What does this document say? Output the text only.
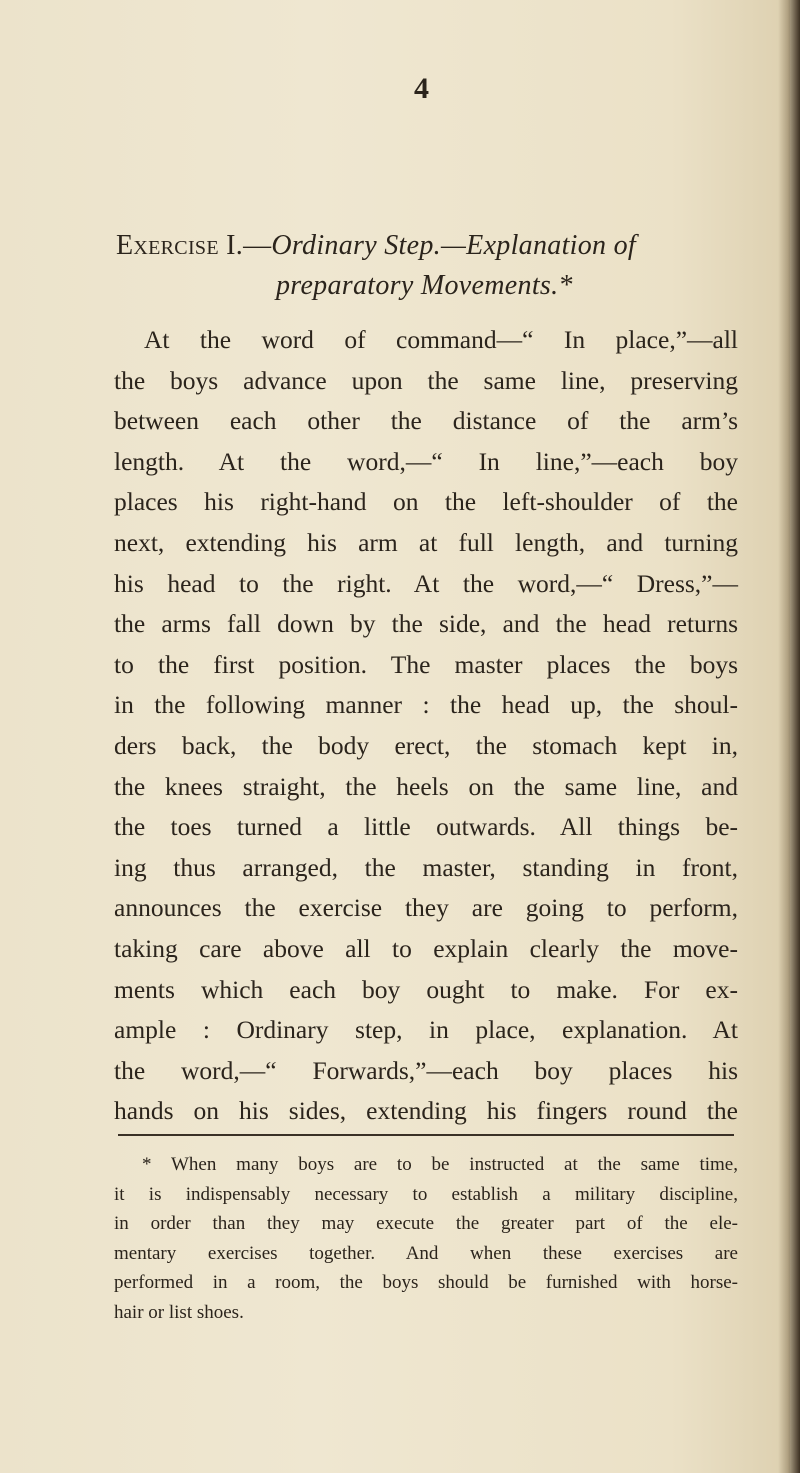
4
Exercise I.—Ordinary Step.—Explanation of
preparatory Movements.*
At the word of command—“ In place,”—all
the boys advance upon the same line, preserving
between each other the distance of the arm’s
length. At the word,—“ In line,”—each boy
places his right-hand on the left-shoulder of the
next, extending his arm at full length, and turning
his head to the right. At the word,—“ Dress,”—
the arms fall down by the side, and the head returns
to the first position. The master places the boys
in the following manner : the head up, the shoul-
ders back, the body erect, the stomach kept in,
the knees straight, the heels on the same line, and
the toes turned a little outwards. All things be-
ing thus arranged, the master, standing in front,
announces the exercise they are going to perform,
taking care above all to explain clearly the move-
ments which each boy ought to make. For ex-
ample : Ordinary step, in place, explanation. At
the word,—“ Forwards,”—each boy places his
hands on his sides, extending his fingers round the
* When many boys are to be instructed at the same time,
it is indispensably necessary to establish a military discipline,
in order than they may execute the greater part of the ele-
mentary exercises together. And when these exercises are
performed in a room, the boys should be furnished with horse-
hair or list shoes.
